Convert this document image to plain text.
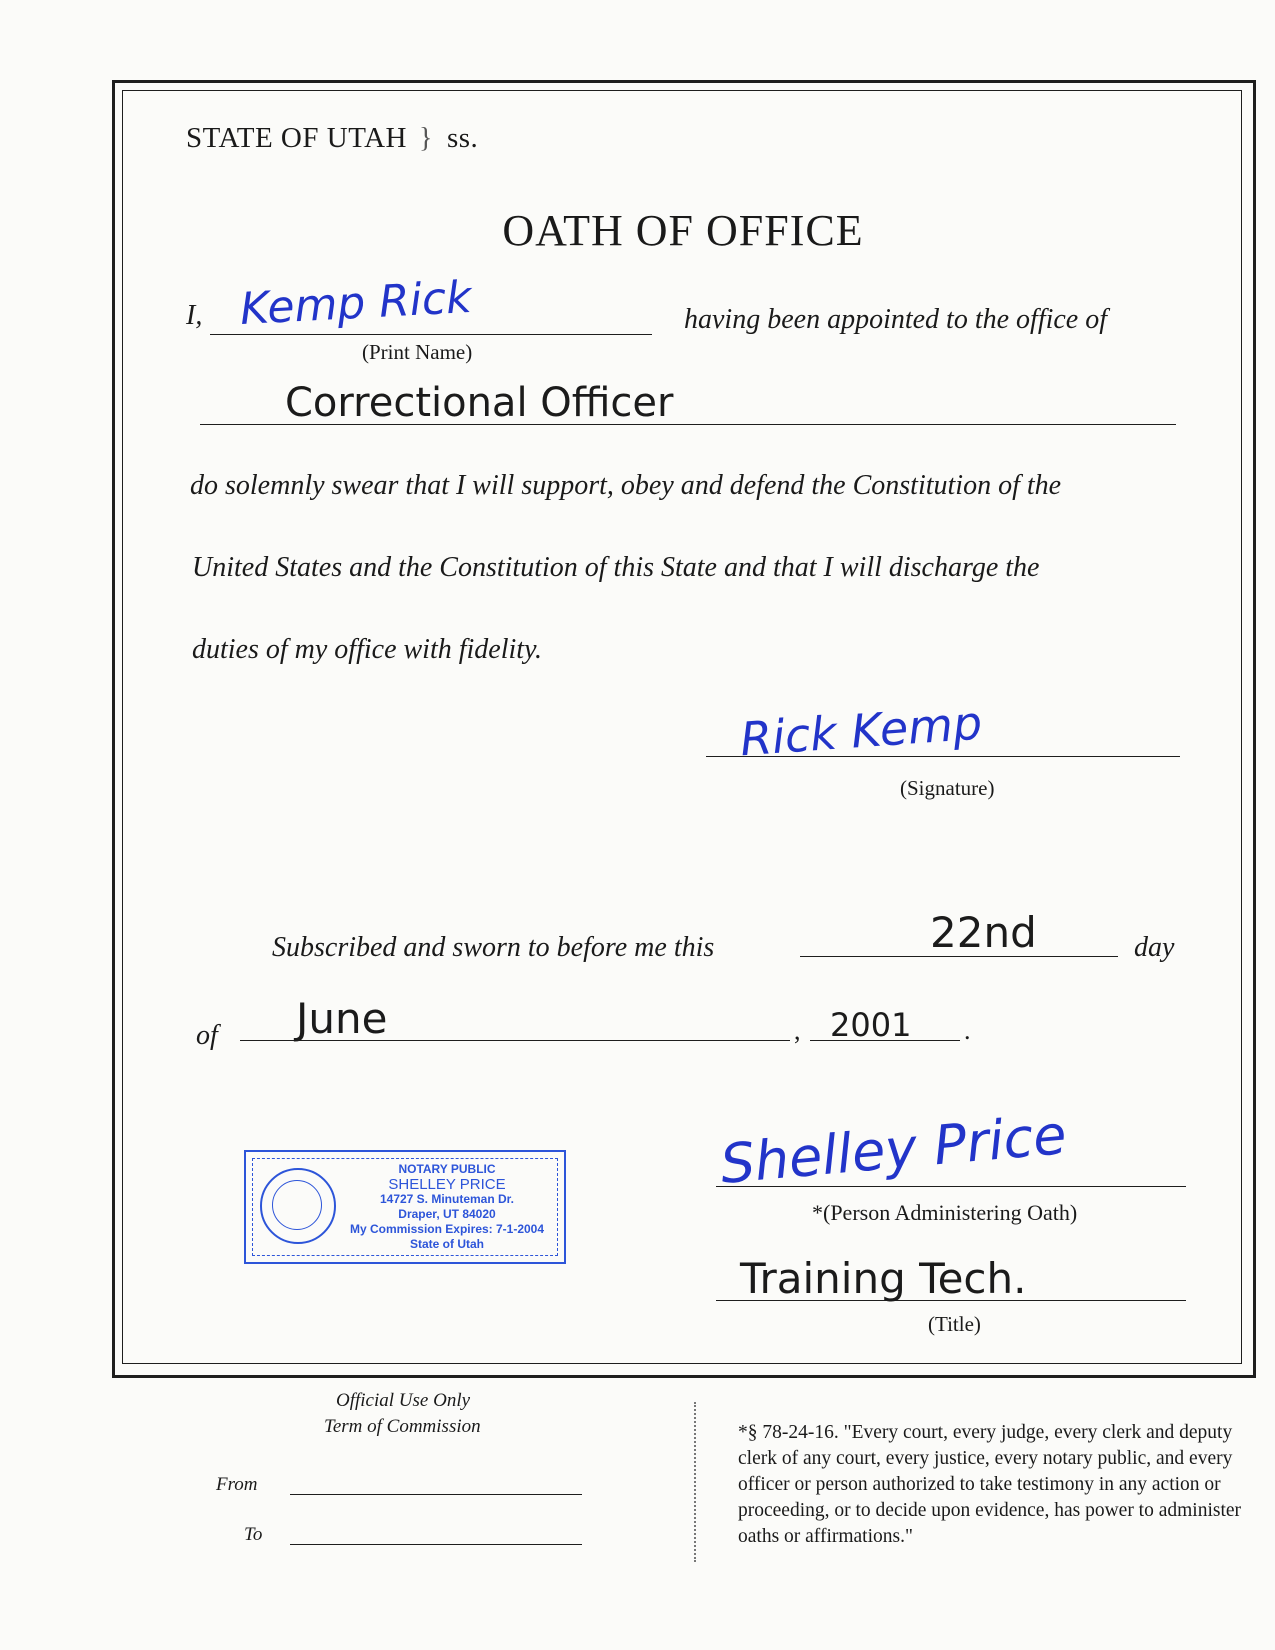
STATE OF UTAH } ss.
OATH OF OFFICE
I, Kemp Rick
(Print Name)
having been appointed to the office of
Correctional Officer
do solemnly swear that I will support, obey and defend the Constitution of the
United States and the Constitution of this State and that I will discharge the
duties of my office with fidelity.
Rick Kemp
(Signature)
Subscribed and sworn to before me this	22nd	day
of June	, 2001 .
NOTARY PUBLIC
SHELLEY PRICE
14727 S. Minuteman Dr.
Draper, UT 84020
My Commission Expires: 7-1-2004
State of Utah
Shelley Price
*(Person Administering Oath)
Training Tech.
(Title)
Official Use Only
Term of Commission
From
To
*§ 78-24-16. "Every court, every judge, every clerk and deputy clerk of any court, every justice, every notary public, and every officer or person authorized to take testimony in any action or proceeding, or to decide upon evidence, has power to administer oaths or affirmations."
